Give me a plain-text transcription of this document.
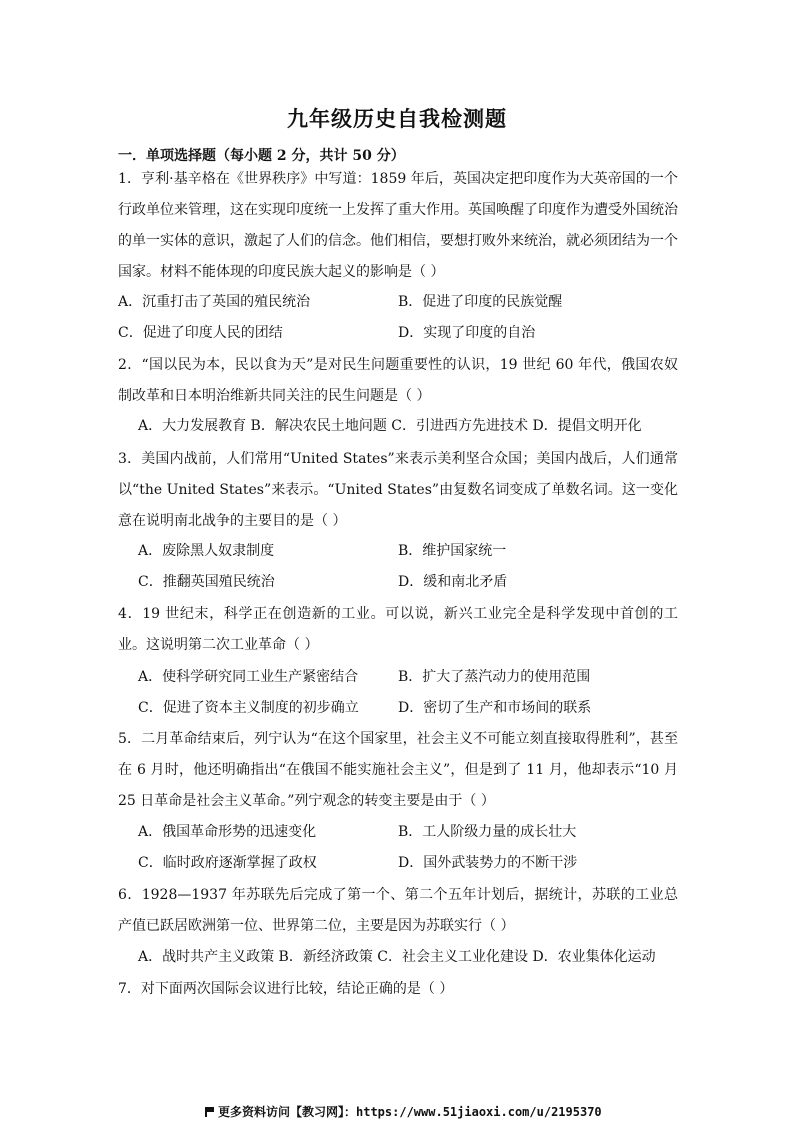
九年级历史自我检测题
一．单项选择题（每小题 2 分，共计 50 分）
1．亨利·基辛格在《世界秩序》中写道：1859 年后，英国决定把印度作为大英帝国的一个行政单位来管理，这在实现印度统一上发挥了重大作用。英国唤醒了印度作为遭受外国统治的单一实体的意识，激起了人们的信念。他们相信，要想打败外来统治，就必须团结为一个国家。材料不能体现的印度民族大起义的影响是（ ）
A．沉重打击了英国的殖民统治	B．促进了印度的民族觉醒
C．促进了印度人民的团结	D．实现了印度的自治
2．“国以民为本，民以食为天”是对民生问题重要性的认识，19 世纪 60 年代，俄国农奴制改革和日本明治维新共同关注的民生问题是（ ）
A．大力发展教育 B．解决农民土地问题 C．引进西方先进技术 D．提倡文明开化
3．美国内战前，人们常用“United States”来表示美利坚合众国；美国内战后，人们通常以“the United States”来表示。“United States”由复数名词变成了单数名词。这一变化意在说明南北战争的主要目的是（ ）
A．废除黑人奴隶制度	B．维护国家统一
C．推翻英国殖民统治	D．缓和南北矛盾
4．19 世纪末，科学正在创造新的工业。可以说，新兴工业完全是科学发现中首创的工业。这说明第二次工业革命（ ）
A．使科学研究同工业生产紧密结合	B．扩大了蒸汽动力的使用范围
C．促进了资本主义制度的初步确立	D．密切了生产和市场间的联系
5．二月革命结束后，列宁认为“在这个国家里，社会主义不可能立刻直接取得胜利”，甚至在 6 月时，他还明确指出“在俄国不能实施社会主义”，但是到了 11 月，他却表示“10 月 25 日革命是社会主义革命。”列宁观念的转变主要是由于（ ）
A．俄国革命形势的迅速变化	B．工人阶级力量的成长壮大
C．临时政府逐渐掌握了政权	D．国外武装势力的不断干涉
6．1928—1937 年苏联先后完成了第一个、第二个五年计划后，据统计，苏联的工业总产值已跃居欧洲第一位、世界第二位，主要是因为苏联实行（ ）
A．战时共产主义政策 B．新经济政策 C．社会主义工业化建设 D．农业集体化运动
7．对下面两次国际会议进行比较，结论正确的是（ ）
更多资料访问【教习网】：https://www.51jiaoxi.com/u/2195370
